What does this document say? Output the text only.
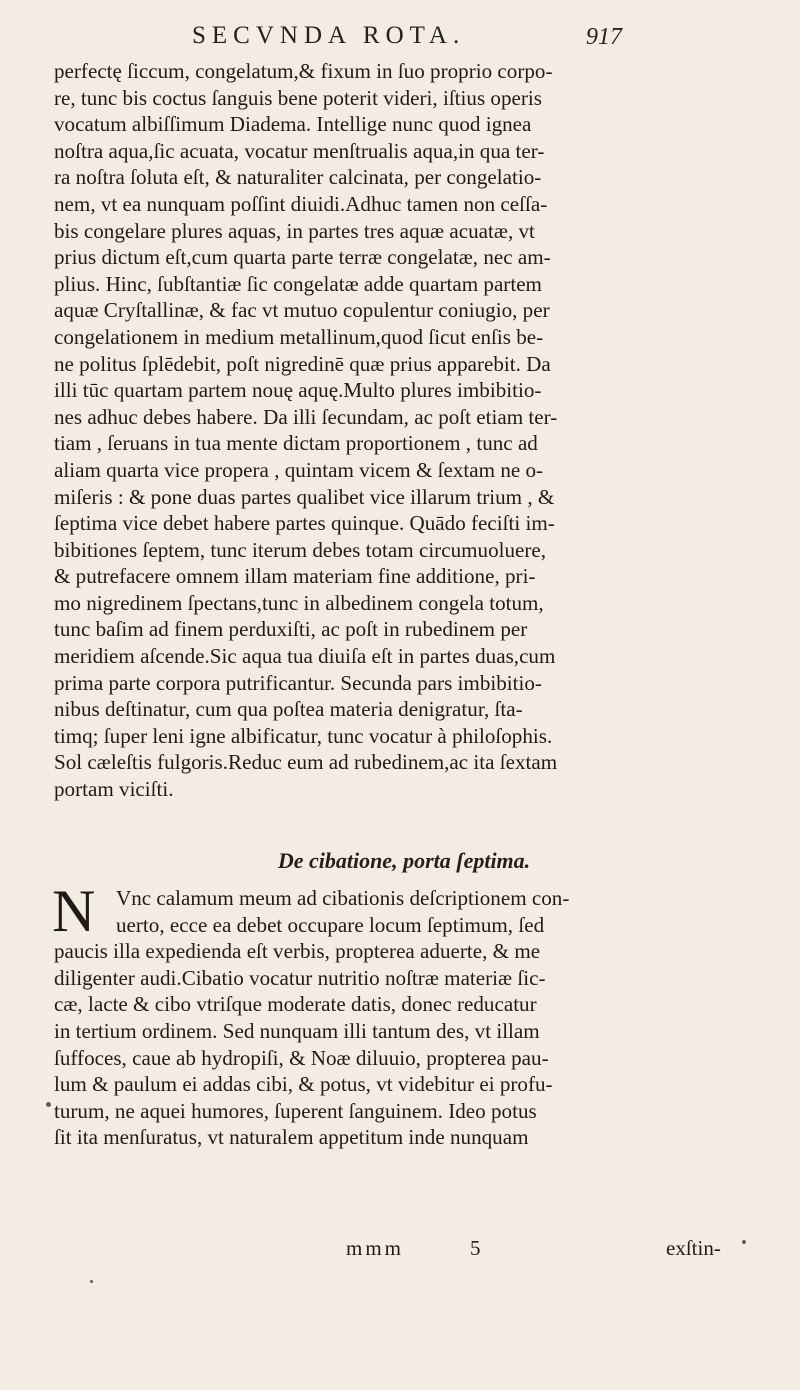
SECVNDA ROTA.	917
perfectę ſiccum, congelatum,& fixum in ſuo proprio corpo-
re, tunc bis coctus ſanguis bene poterit videri, iſtius operis
vocatum albiſſimum Diadema. Intellige nunc quod ignea
noſtra aqua,ſic acuata, vocatur menſtrualis aqua,in qua ter-
ra noſtra ſoluta eſt, & naturaliter calcinata, per congelatio-
nem, vt ea nunquam poſſint diuidi.Adhuc tamen non ceſſa-
bis congelare plures aquas, in partes tres aquæ acuatæ, vt
prius dictum eſt,cum quarta parte terræ congelatæ, nec am-
plius. Hinc, ſubſtantiæ ſic congelatæ adde quartam partem
aquæ Cryſtallinæ, & fac vt mutuo copulentur coniugio, per
congelationem in medium metallinum,quod ſicut enſis be-
ne politus ſplēdebit, poſt nigredinē quæ prius apparebit. Da
illi tūc quartam partem nouę aquę.Multo plures imbibitio-
nes adhuc debes habere. Da illi ſecundam, ac poſt etiam ter-
tiam , ſeruans in tua mente dictam proportionem , tunc ad
aliam quarta vice propera , quintam vicem & ſextam ne o-
miſeris : & pone duas partes qualibet vice illarum trium , &
ſeptima vice debet habere partes quinque. Quādo feciſti im-
bibitiones ſeptem, tunc iterum debes totam circumuoluere,
& putrefacere omnem illam materiam fine additione, pri-
mo nigredinem ſpectans,tunc in albedinem congela totum,
tunc baſim ad finem perduxiſti, ac poſt in rubedinem per
meridiem aſcende.Sic aqua tua diuiſa eſt in partes duas,cum
prima parte corpora putrificantur. Secunda pars imbibitio-
nibus deſtinatur, cum qua poſtea materia denigratur, ſta-
timq; ſuper leni igne albificatur, tunc vocatur à philoſophis.
Sol cæleſtis fulgoris.Reduc eum ad rubedinem,ac ita ſextam
portam viciſti.
De cibatione, porta ſeptima.
N Vnc calamum meum ad cibationis deſcriptionem con-
uerto, ecce ea debet occupare locum ſeptimum, ſed
paucis illa expedienda eſt verbis, propterea aduerte, & me
diligenter audi.Cibatio vocatur nutritio noſtræ materiæ ſic-
cæ, lacte & cibo vtriſque moderate datis, donec reducatur
in tertium ordinem. Sed nunquam illi tantum des, vt illam
ſuffoces, caue ab hydropiſi, & Noæ diluuio, propterea pau-
lum & paulum ei addas cibi, & potus, vt videbitur ei profu-
turum, ne aquei humores, ſuperent ſanguinem. Ideo potus
ſit ita menſuratus, vt naturalem appetitum inde nunquam
mmm	5	exſtin-
